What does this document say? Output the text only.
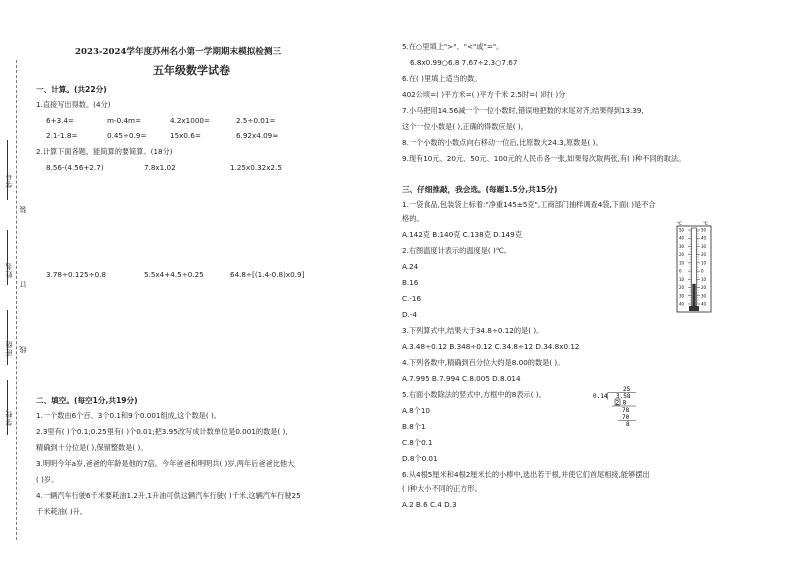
学号
姓名
班级
学校
装
订
线
2023-2024学年度苏州名小第一学期期末模拟检测三
五年级数学试卷
一、计算。(共22分)
1.直接写出得数。(4分)
6+3.4=	m-0.4m=	4.2x1000=	2.5÷0.01=
2.1-1.8=	0.45÷0.9=	15x0.6=	6.92x4.09≈
2.计算下面各题，能简算的要简算。(18分)
8.56-(4.56+2.7)	7.8x1.02	1.25x0.32x2.5
3.78÷0.125÷0.8	5.5x4+4.5÷0.25	64.8÷[(1.4-0.8)x0.9]
二、填空。(每空1分,共19分)
1.一个数由6个百、3个0.1和9个0.001组成,这个数是( )。
2.3里有( )个0.1;0.25里有( )个0.01;把3.95改写成计数单位是0.001的数是( ),
精确到十分位是( ),保留整数是( )。
3.明明今年a岁,爸爸的年龄是他的7倍。今年爸爸和明明共( )岁,两年后爸爸比他大
( )岁。
4.一辆汽车行驶6千米要耗油1.2升,1升油可供这辆汽车行驶( )千米,这辆汽车行驶25
千米耗油( )升。
5.在○里填上">"、"<"或"="。
6.8x0.99○6.8 7.67÷2.3○7.67
6.在( )里填上适当的数。
402公顷=( )平方米=( )平方千米 2.5时=( )时( )分
7.小马把用14.56减一个一位小数时,错误地把数的末尾对齐,结果得到13.39,
这个一位小数是( ),正确的得数应是( )。
8.一个小数的小数点向右移动一位后,比原数大24.3,原数是( )。
9.现有10元、20元、50元、100元的人民币各一张,如果每次取两张,有( )种不同的取法。
三、仔细推敲，我会选。(每题1.5分,共15分)
1.一袋食品,包装袋上标着:"净重145±5克",工商部门抽样调查4袋,下面( )是不合
格的。
A.142克 B.140克 C.138克 D.149克
2.右图温度计表示的温度是( )℃。
A.24
B.16
C.-16
D.-4
3.下列算式中,结果大于34.8÷0.12的是( )。
A.3.48÷0.12 B.348÷0.12 C.34.8÷12 D.34.8x0.12
4.下列各数中,精确到百分位大约是8.00的数是( )。
A.7.995 B.7.994 C.8.005 D.8.014
5.右面小数除法的竖式中,方框中的8表示( )。
A.8个10
B.8个1
C.8个0.1
D.8个0.01
6.从4根5厘米和4根2厘米长的小棒中,选出若干根,并使它们首尾相接,能够摆出
( )种大小不同的正方形。
A.2 B.6 C.4 D.3
℃	℃
50
40
30
20
10
0
10
20
30
40
50
40
30
20
10
0
10
20
30
40
25
0.14 3.58
2 8
78
70
8
